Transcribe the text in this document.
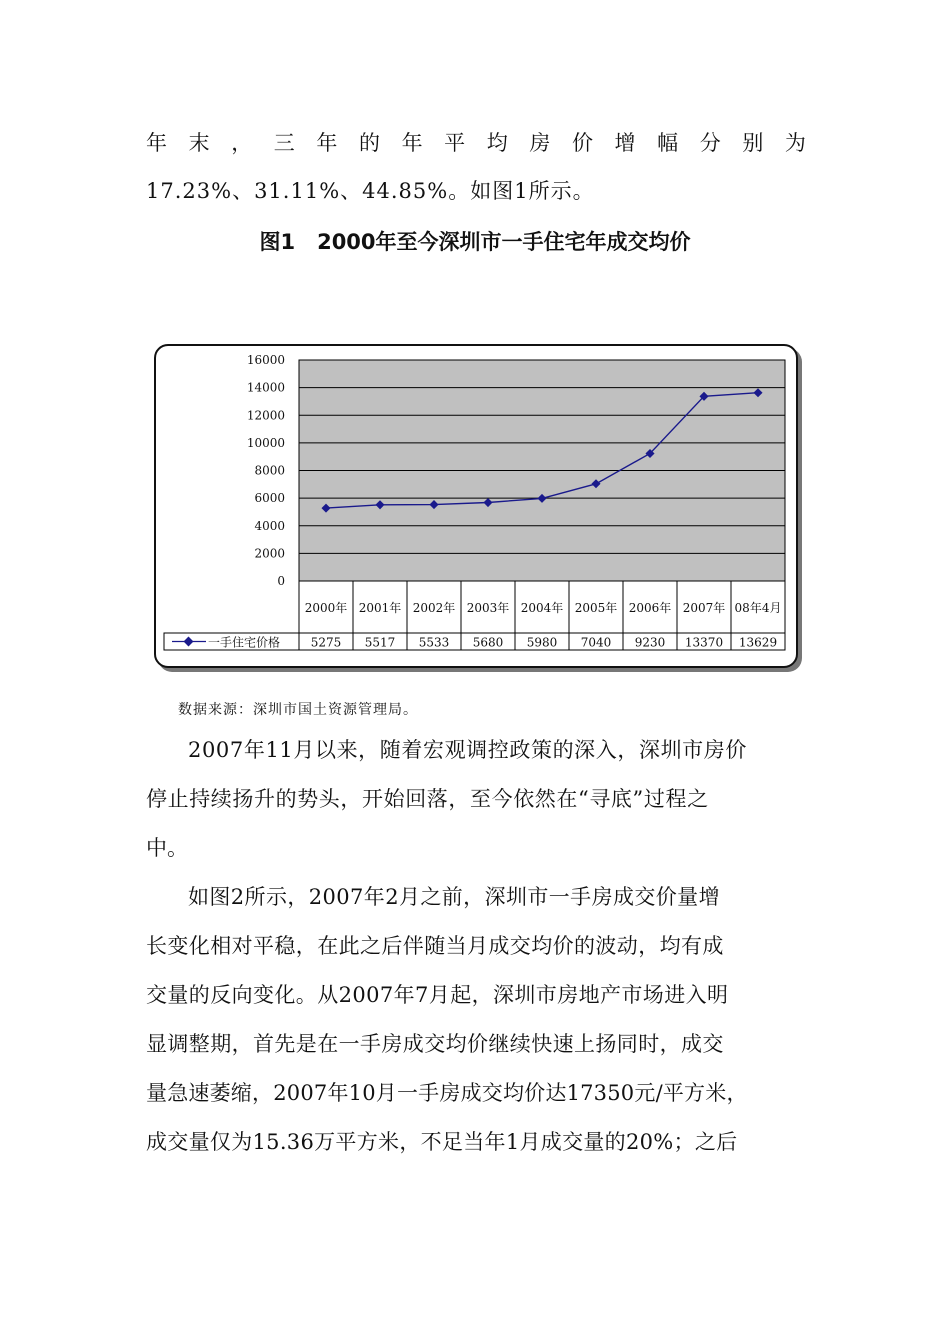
年 末 ， 三 年 的 年 平 均 房 价 增 幅 分 别 为
17.23%、31.11%、44.85%。如图1所示。
图1 2000年至今深圳市一手住宅年成交均价
16000
14000
12000
10000
8000
6000
4000
2000
0
2000年 2001年 2002年 2003年 2004年 2005年 2006年 2007年 08年4月
一手住宅价格	5275 5517 5533 5680 5980 7040 9230 13370 13629
数据来源：深圳市国土资源管理局。
2007年11月以来，随着宏观调控政策的深入，深圳市房价
停止持续扬升的势头，开始回落，至今依然在“寻底”过程之
中。
如图2所示，2007年2月之前，深圳市一手房成交价量增
长变化相对平稳，在此之后伴随当月成交均价的波动，均有成
交量的反向变化。从2007年7月起，深圳市房地产市场进入明
显调整期，首先是在一手房成交均价继续快速上扬同时，成交
量急速萎缩，2007年10月一手房成交均价达17350元/平方米，
成交量仅为15.36万平方米，不足当年1月成交量的20%；之后
